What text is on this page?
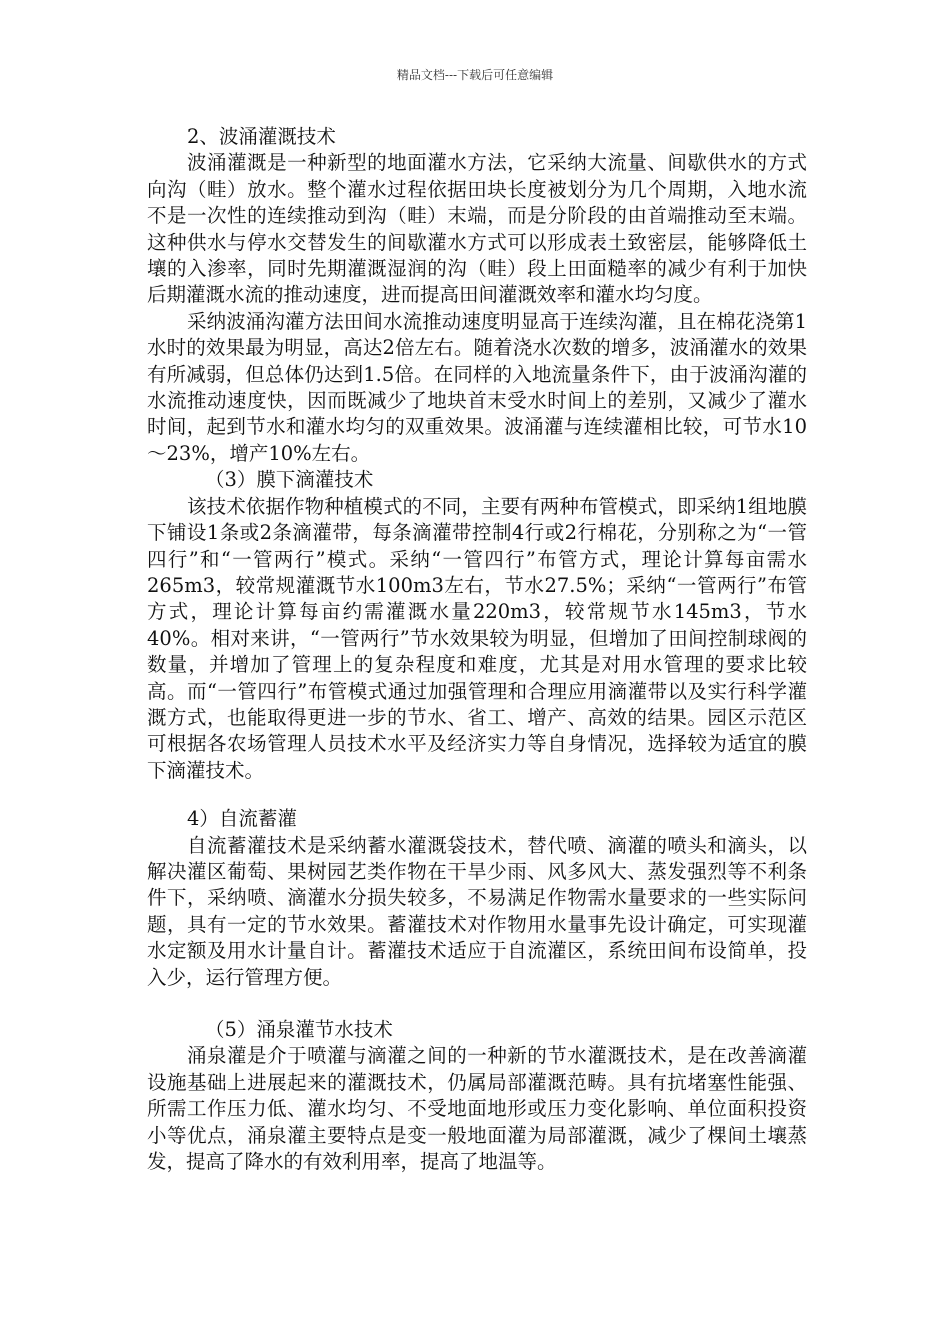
精品文档---下载后可任意编辑

2、波涌灌溉技术

波涌灌溉是一种新型的地面灌水方法，它采纳大流量、间歇供水的方式向沟（畦）放水。整个灌水过程依据田块长度被划分为几个周期，入地水流不是一次性的连续推动到沟（畦）末端，而是分阶段的由首端推动至末端。这种供水与停水交替发生的间歇灌水方式可以形成表土致密层，能够降低土壤的入渗率，同时先期灌溉湿润的沟（畦）段上田面糙率的减少有利于加快后期灌溉水流的推动速度，进而提高田间灌溉效率和灌水均匀度。

采纳波涌沟灌方法田间水流推动速度明显高于连续沟灌，且在棉花浇第1水时的效果最为明显，高达2倍左右。随着浇水次数的增多，波涌灌水的效果有所减弱，但总体仍达到1.5倍。在同样的入地流量条件下，由于波涌沟灌的水流推动速度快，因而既减少了地块首末受水时间上的差别，又减少了灌水时间，起到节水和灌水均匀的双重效果。波涌灌与连续灌相比较，可节水10～23%，增产10%左右。

（3）膜下滴灌技术

该技术依据作物种植模式的不同，主要有两种布管模式，即采纳1组地膜下铺设1条或2条滴灌带，每条滴灌带控制4行或2行棉花，分别称之为“一管四行”和“一管两行”模式。采纳“一管四行”布管方式，理论计算每亩需水265m3，较常规灌溉节水100m3左右，节水27.5%；采纳“一管两行”布管方式，理论计算每亩约需灌溉水量220m3，较常规节水145m3，节水40%。相对来讲，“一管两行”节水效果较为明显，但增加了田间控制球阀的数量，并增加了管理上的复杂程度和难度，尤其是对用水管理的要求比较高。而“一管四行”布管模式通过加强管理和合理应用滴灌带以及实行科学灌溉方式，也能取得更进一步的节水、省工、增产、高效的结果。园区示范区可根据各农场管理人员技术水平及经济实力等自身情况，选择较为适宜的膜下滴灌技术。

4）自流蓄灌

自流蓄灌技术是采纳蓄水灌溉袋技术，替代喷、滴灌的喷头和滴头，以解决灌区葡萄、果树园艺类作物在干旱少雨、风多风大、蒸发强烈等不利条件下，采纳喷、滴灌水分损失较多，不易满足作物需水量要求的一些实际问题，具有一定的节水效果。蓄灌技术对作物用水量事先设计确定，可实现灌水定额及用水计量自计。蓄灌技术适应于自流灌区，系统田间布设简单，投入少，运行管理方便。

（5）涌泉灌节水技术

涌泉灌是介于喷灌与滴灌之间的一种新的节水灌溉技术，是在改善滴灌设施基础上进展起来的灌溉技术，仍属局部灌溉范畴。具有抗堵塞性能强、所需工作压力低、灌水均匀、不受地面地形或压力变化影响、单位面积投资小等优点，涌泉灌主要特点是变一般地面灌为局部灌溉，减少了棵间土壤蒸发，提高了降水的有效利用率，提高了地温等。
